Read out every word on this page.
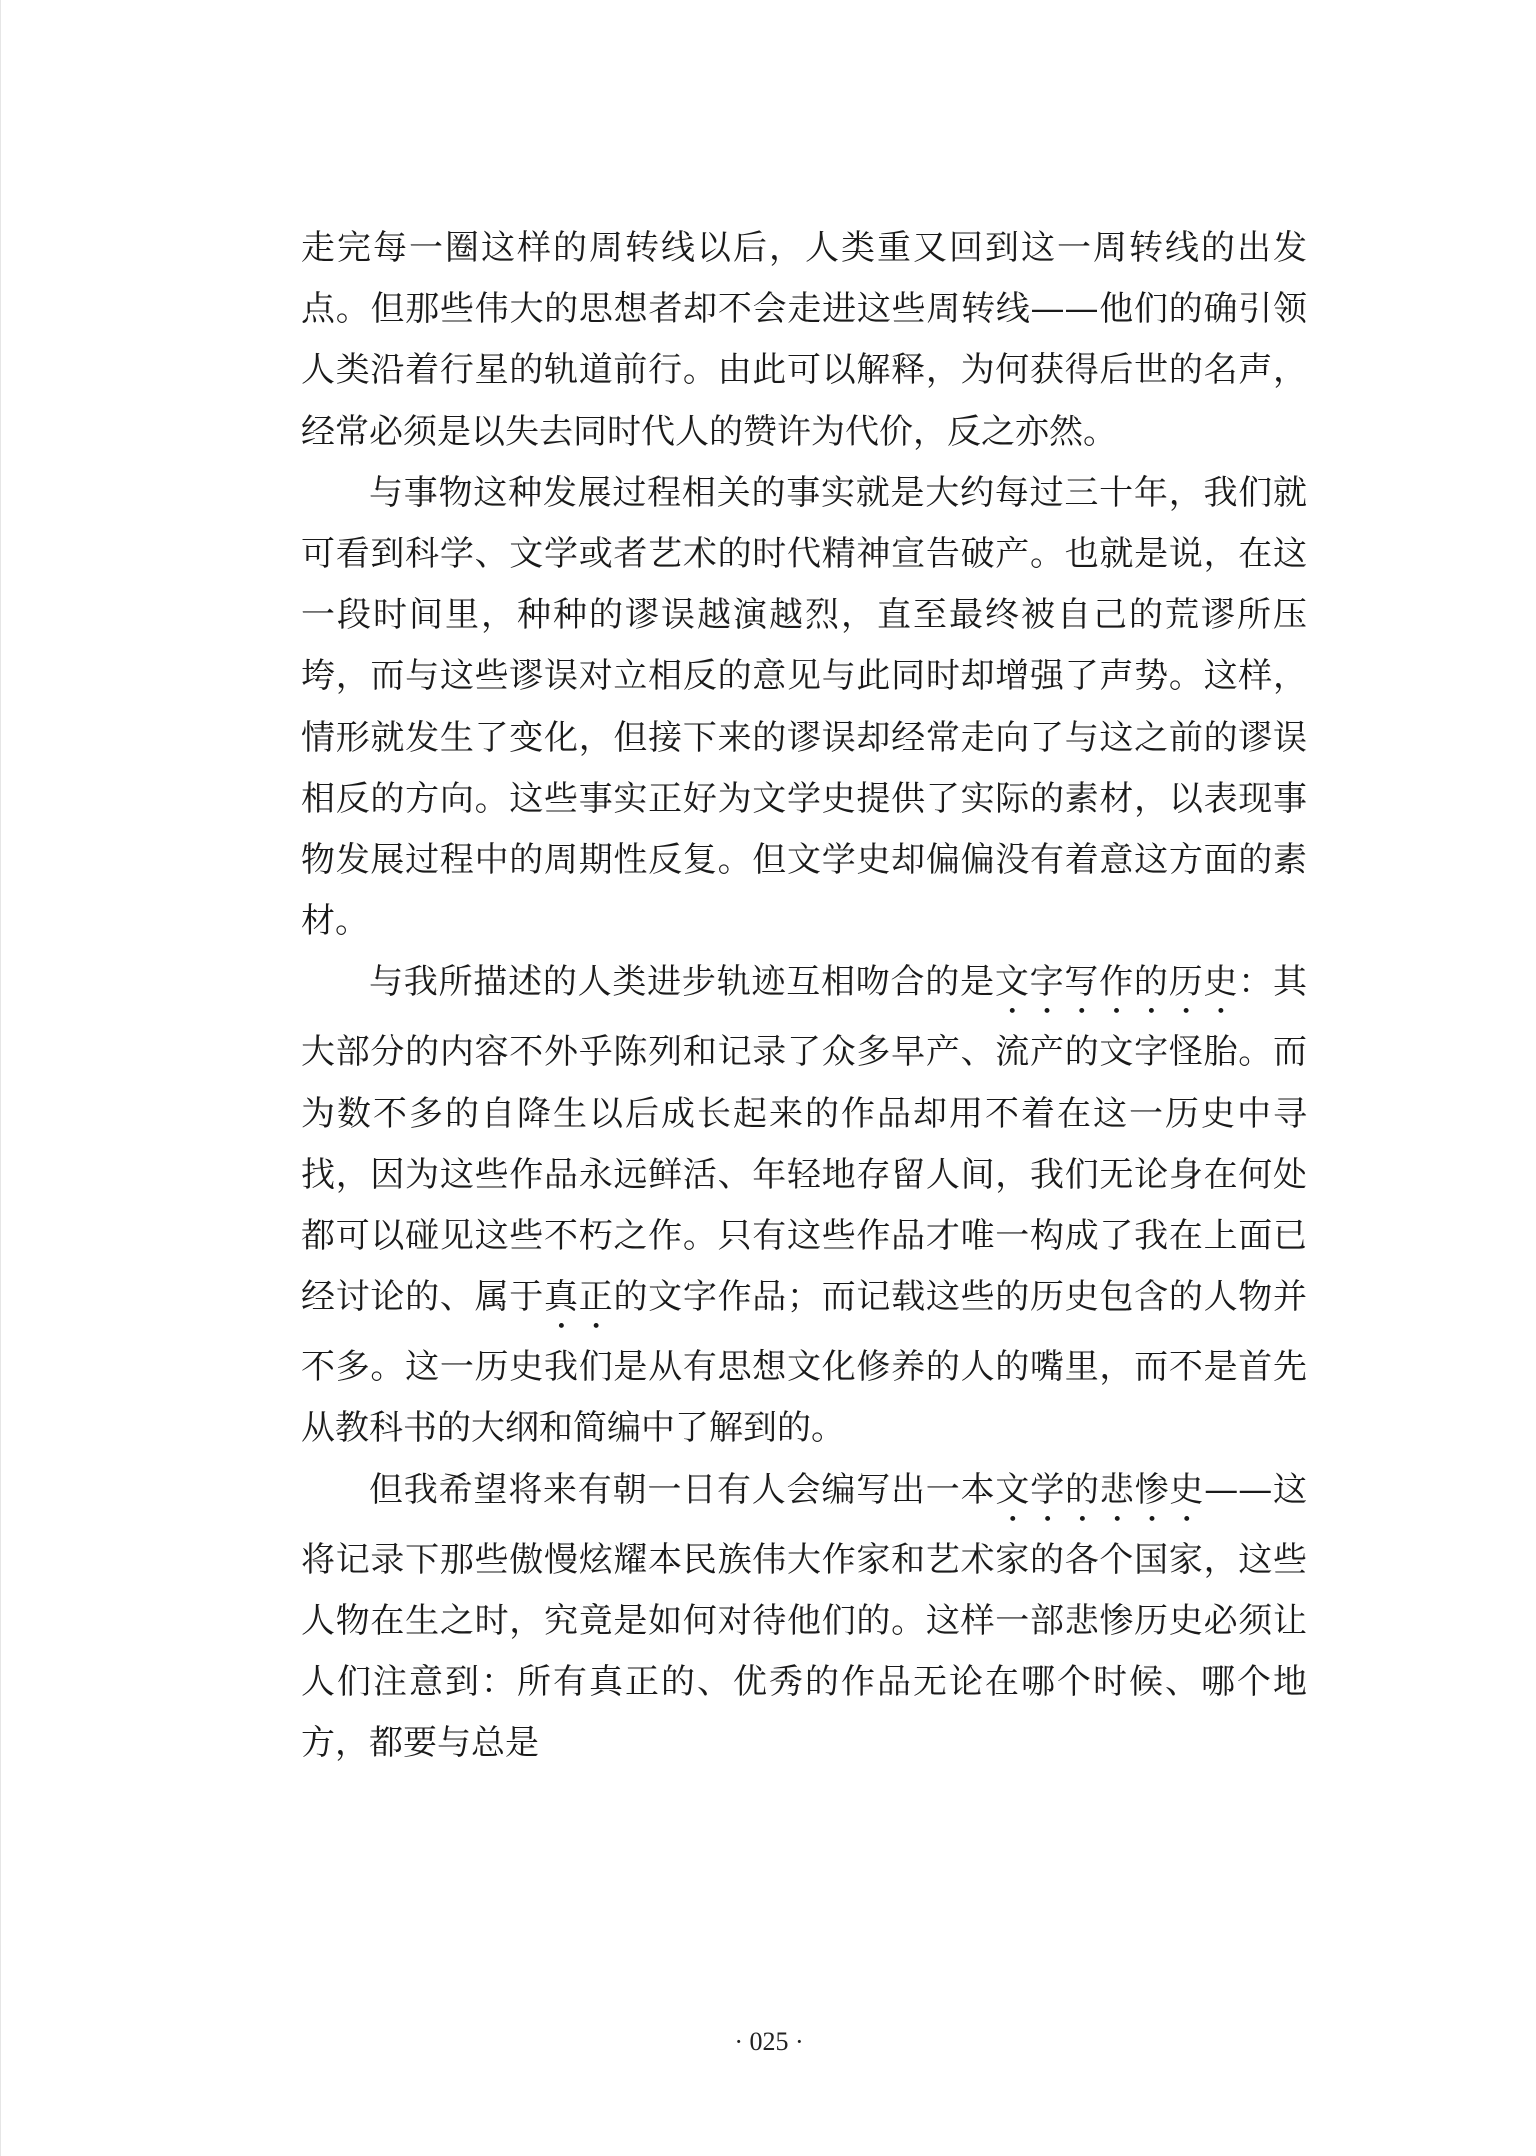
走完每一圈这样的周转线以后，人类重又回到这一周转线的出发点。但那些伟大的思想者却不会走进这些周转线——他们的确引领人类沿着行星的轨道前行。由此可以解释，为何获得后世的名声，经常必须是以失去同时代人的赞许为代价，反之亦然。

与事物这种发展过程相关的事实就是大约每过三十年，我们就可看到科学、文学或者艺术的时代精神宣告破产。也就是说，在这一段时间里，种种的谬误越演越烈，直至最终被自己的荒谬所压垮，而与这些谬误对立相反的意见与此同时却增强了声势。这样，情形就发生了变化，但接下来的谬误却经常走向了与这之前的谬误相反的方向。这些事实正好为文学史提供了实际的素材，以表现事物发展过程中的周期性反复。但文学史却偏偏没有着意这方面的素材。

与我所描述的人类进步轨迹互相吻合的是文字写作的历史：其大部分的内容不外乎陈列和记录了众多早产、流产的文字怪胎。而为数不多的自降生以后成长起来的作品却用不着在这一历史中寻找，因为这些作品永远鲜活、年轻地存留人间，我们无论身在何处都可以碰见这些不朽之作。只有这些作品才唯一构成了我在上面已经讨论的、属于真正的文字作品；而记载这些的历史包含的人物并不多。这一历史我们是从有思想文化修养的人的嘴里，而不是首先从教科书的大纲和简编中了解到的。

但我希望将来有朝一日有人会编写出一本文学的悲惨史——这将记录下那些傲慢炫耀本民族伟大作家和艺术家的各个国家，这些人物在生之时，究竟是如何对待他们的。这样一部悲惨历史必须让人们注意到：所有真正的、优秀的作品无论在哪个时候、哪个地方，都要与总是

· 025 ·
